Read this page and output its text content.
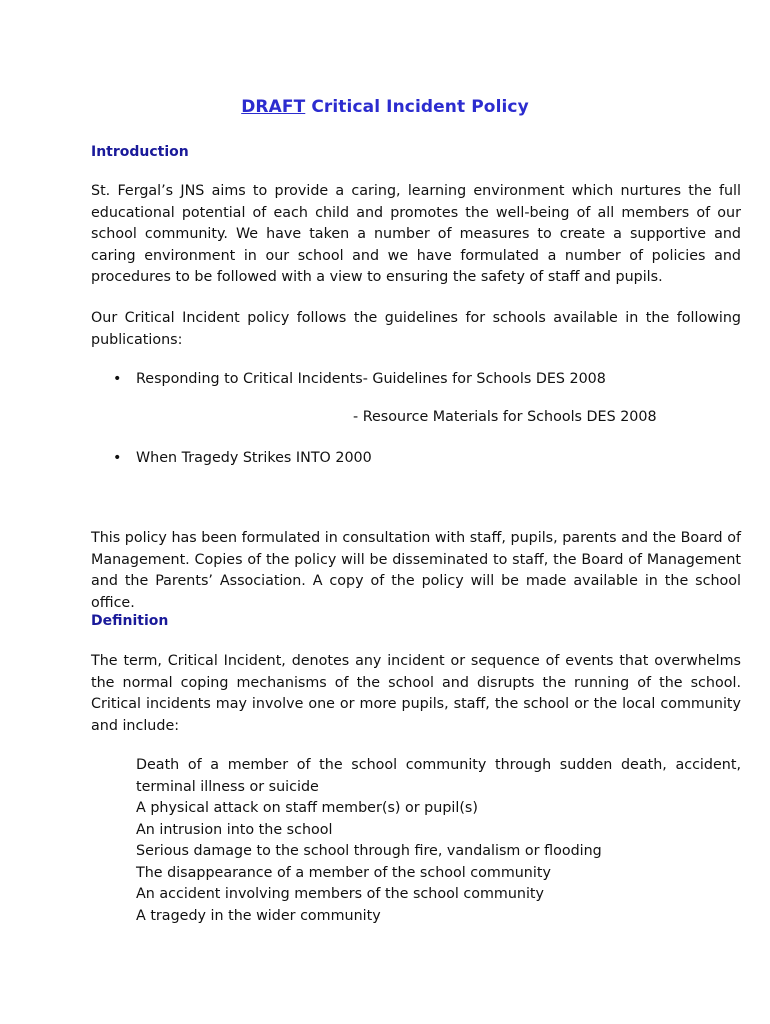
DRAFT Critical Incident Policy
Introduction

St. Fergal’s JNS aims to provide a caring, learning environment which nurtures the full educational potential of each child and promotes the well-being of all members of our school community. We have taken a number of measures to create a supportive and caring environment in our school and we have formulated a number of policies and procedures to be followed with a view to ensuring the safety of staff and pupils.

Our Critical Incident policy follows the guidelines for schools available in the following publications:

• Responding to Critical Incidents- Guidelines for Schools DES 2008
- Resource Materials for Schools DES 2008
• When Tragedy Strikes INTO 2000

This policy has been formulated in consultation with staff, pupils, parents and the Board of Management. Copies of the policy will be disseminated to staff, the Board of Management and the Parents’ Association. A copy of the policy will be made available in the school office.

Definition

The term, Critical Incident, denotes any incident or sequence of events that overwhelms the normal coping mechanisms of the school and disrupts the running of the school. Critical incidents may involve one or more pupils, staff, the school or the local community and include:

Death of a member of the school community through sudden death, accident, terminal illness or suicide
A physical attack on staff member(s) or pupil(s)
An intrusion into the school
Serious damage to the school through fire, vandalism or flooding
The disappearance of a member of the school community
An accident involving members of the school community
A tragedy in the wider community
